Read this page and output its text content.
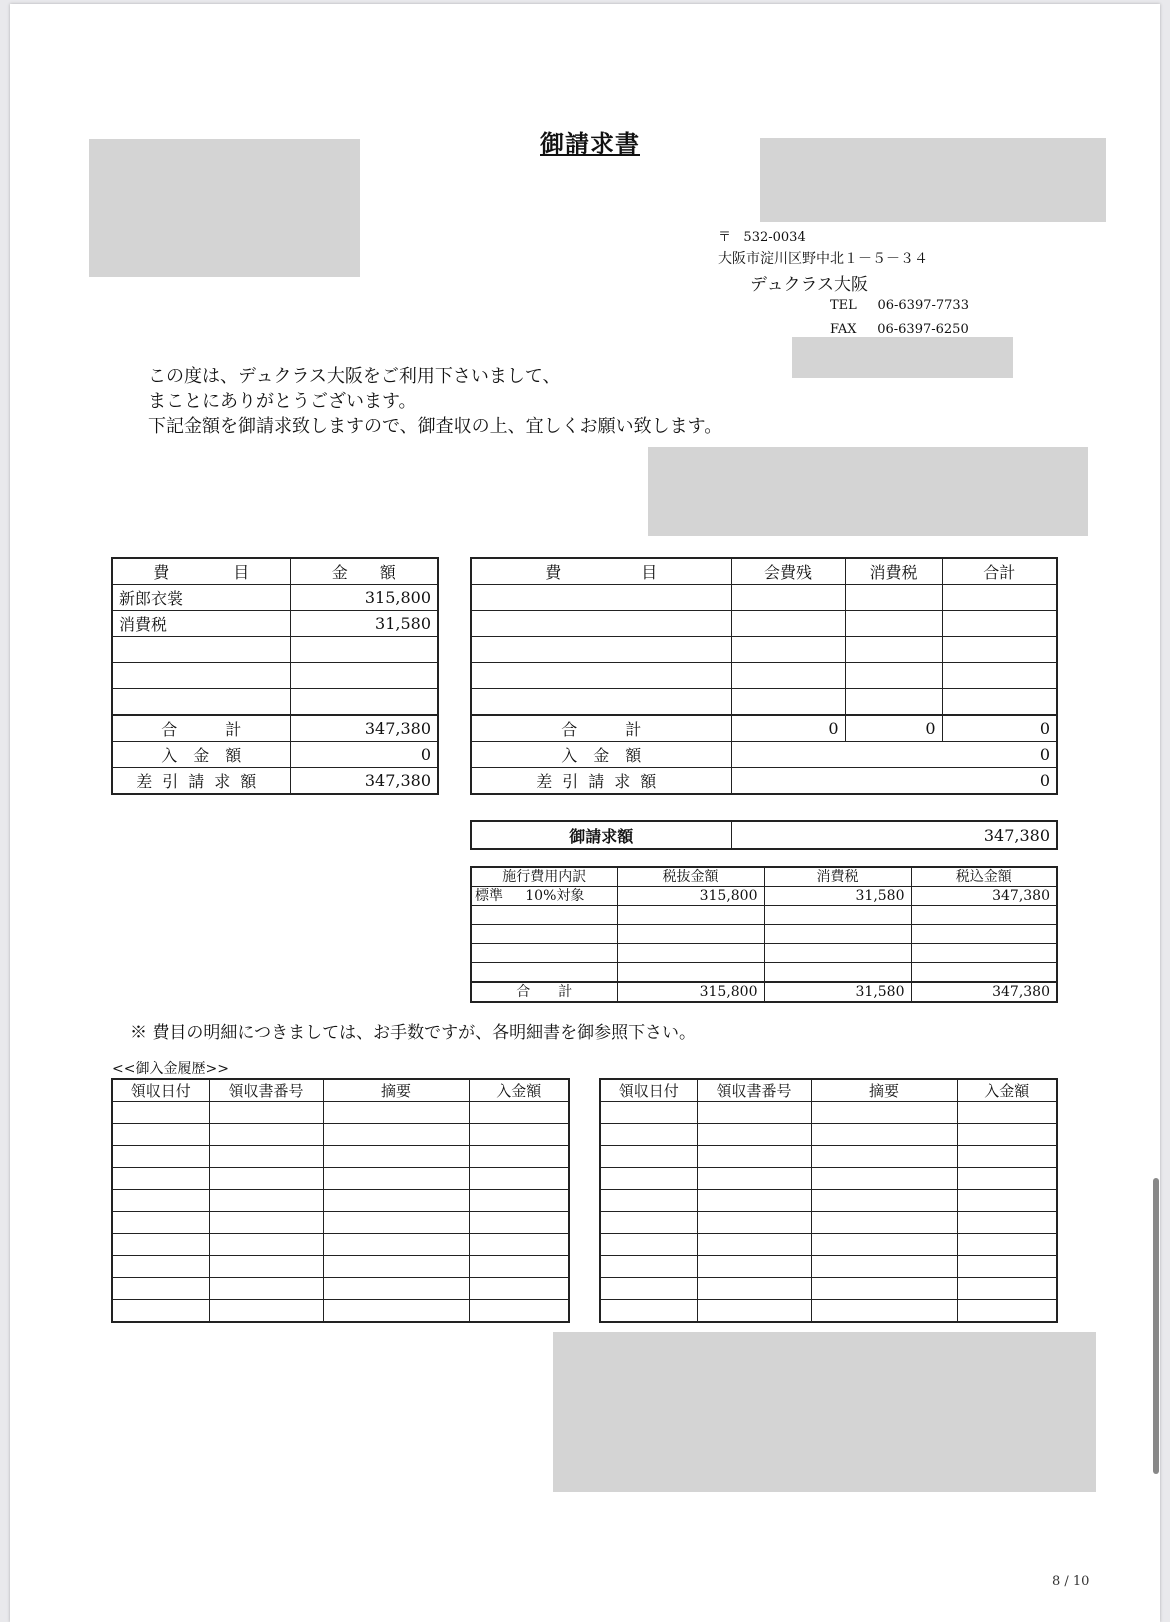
御請求書
〒 532-0034
大阪市淀川区野中北１－５－３４
デュクラス大阪
TEL 06-6397-7733
FAX 06-6397-6250
この度は、デュクラス大阪をご利用下さいまして、
まことにありがとうございます。
下記金額を御請求致しますので、御査収の上、宜しくお願い致します。
費　　　　目	金　　額
新郎衣裳	315,800
消費税	31,580

合　　　計	347,380
入　金　額	0
差引請求額	347,380
費　　　　　目	会費残	消費税	合計

合　　　計	0	0	0
入　金　額	0		
差引請求額	0		
御請求額	347,380
施行費用内訳	税抜金額	消費税	税込金額
標準 10%対象	315,800	31,580	347,380

合　　計	315,800	31,580	347,380
※ 費目の明細につきましては、お手数ですが、各明細書を御参照下さい。
<<御入金履歴>>
領収日付	領収書番号	摘要	入金額

				領収日付	領収書番号	摘要	入金額

8 / 10
